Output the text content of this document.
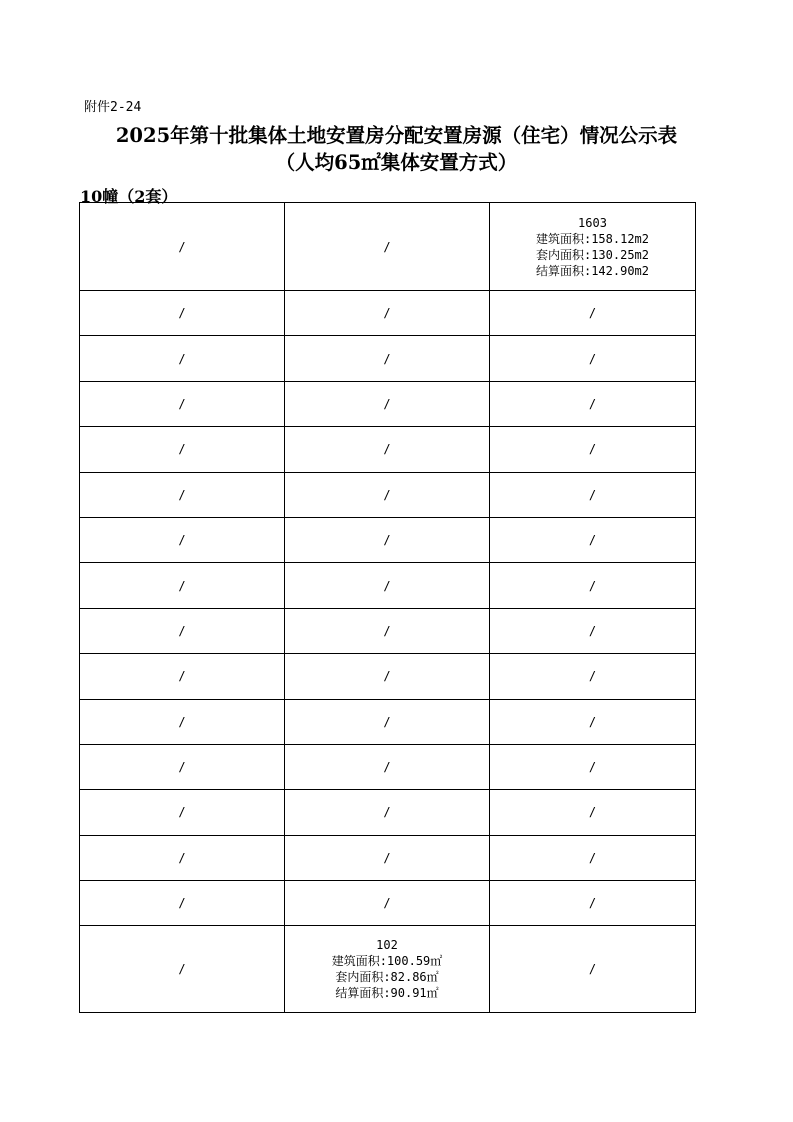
附件2-24
2025年第十批集体土地安置房分配安置房源（住宅）情况公示表
（人均65㎡集体安置方式）
10幢（2套）
/	/	1603
建筑面积:158.12m2
套内面积:130.25m2
结算面积:142.90m2

/	/	/
/	/	/
/	/	/
/	/	/
/	/	/
/	/	/
/	/	/
/	/	/
/	/	/
/	/	/
/	/	/
/	/	/
/	/	/
/	/	/
/	102
建筑面积:100.59㎡
套内面积:82.86㎡
结算面积:90.91㎡	/
